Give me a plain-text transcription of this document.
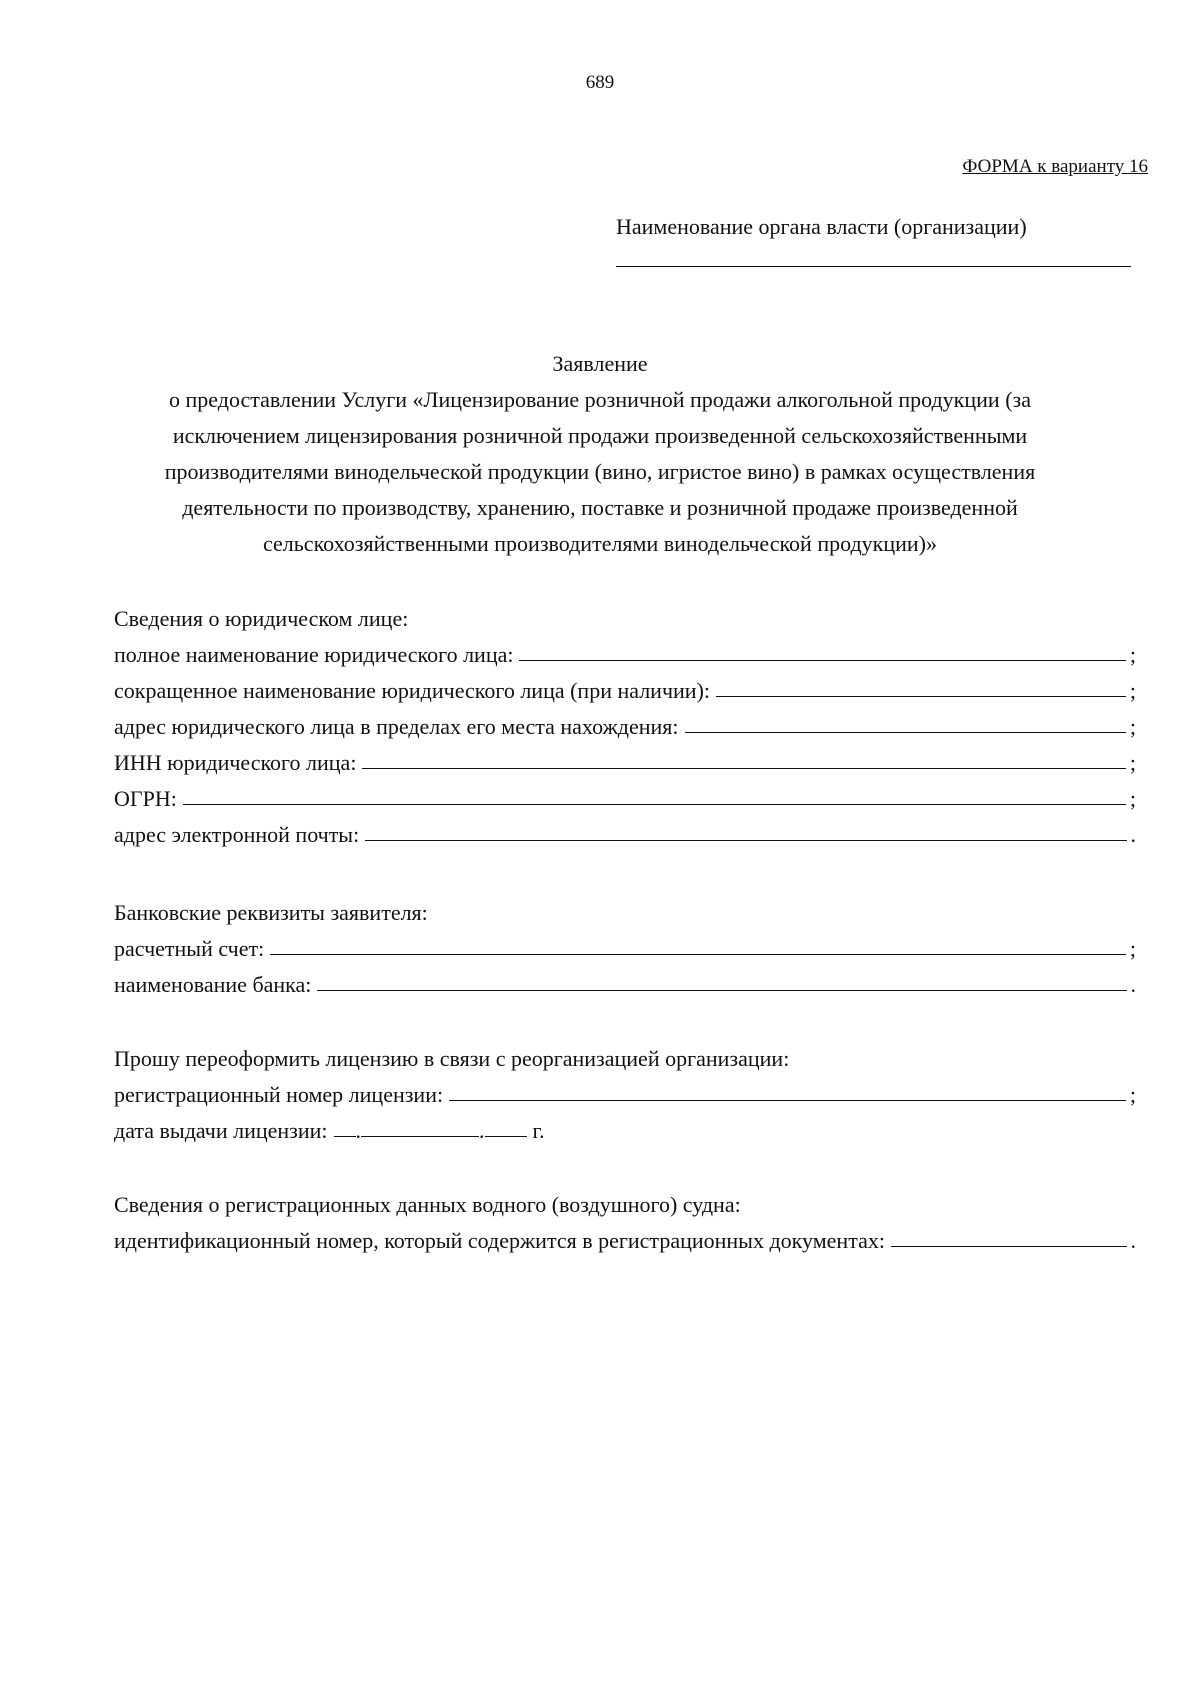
689
ФОРМА к варианту 16
Наименование органа власти (организации)
Заявление
о предоставлении Услуги «Лицензирование розничной продажи алкогольной продукции (за
исключением лицензирования розничной продажи произведенной сельскохозяйственными
производителями винодельческой продукции (вино, игристое вино) в рамках осуществления
деятельности по производству, хранению, поставке и розничной продаже произведенной
сельскохозяйственными производителями винодельческой продукции)»
Сведения о юридическом лице:
полное наименование юридического лица:	;
сокращенное наименование юридического лица (при наличии):	;
адрес юридического лица в пределах его места нахождения:	;
ИНН юридического лица:	;
ОГРН:	;
адрес электронной почты:	.
Банковские реквизиты заявителя:
расчетный счет:	;
наименование банка:	.
Прошу переоформить лицензию в связи с реорганизацией организации:
регистрационный номер лицензии:	;
дата выдачи лицензии: .	. г.
Сведения о регистрационных данных водного (воздушного) судна:
идентификационный номер, который содержится в регистрационных документах:	.
